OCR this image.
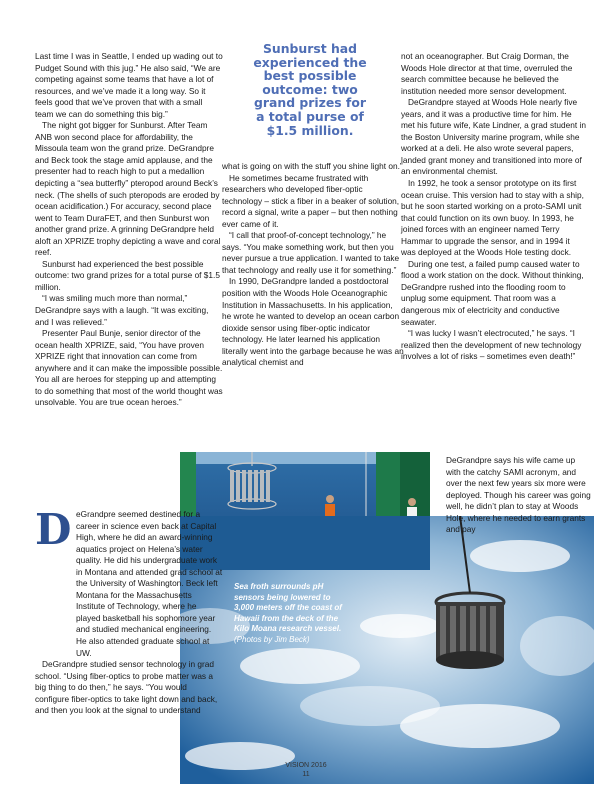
Last time I was in Seattle, I ended up wading out to Pudget Sound with this jug.” He also said, “We are competing against some teams that have a lot of resources, and we’ve made it a long way. So it feels good that we’ve proven that with a small team we can do something this big.”

The night got bigger for Sunburst. After Team ANB won second place for affordability, the Missoula team won the grand prize. DeGrandpre and Beck took the stage amid applause, and the presenter had to reach high to put a medallion depicting a “sea butterfly” pteropod around Beck’s neck. (The shells of such pteropods are eroded by ocean acidification.) For accuracy, second place went to Team DuraFET, and then Sunburst won another grand prize. A grinning DeGrandpre held aloft an XPRIZE trophy depicting a wave and coral reef.

Sunburst had experienced the best possible outcome: two grand prizes for a total purse of $1.5 million.

“I was smiling much more than normal,” DeGrandpre says with a laugh. “It was exciting, and I was relieved.”

Presenter Paul Bunje, senior director of the ocean health XPRIZE, said, “You have proven XPRIZE right that innovation can come from anywhere and it can make the impossible possible. You all are heroes for stepping up and attempting to do something that most of the world thought was unsolvable. You are true ocean heroes.”

Sunburst had
experienced the
best possible
outcome: two
grand prizes for
a total purse of
$1.5 million.

what is going on with the stuff you shine light on.”

He sometimes became frustrated with researchers who developed fiber-optic technology – stick a fiber in a beaker of solution, record a signal, write a paper – but then nothing ever came of it.

“I call that proof-of-concept technology,” he says. “You make something work, but then you never pursue a true application. I wanted to take that technology and really use it for something.”

In 1990, DeGrandpre landed a postdoctoral position with the Woods Hole Oceanographic Institution in Massachusetts. In his application, he wrote he wanted to develop an ocean carbon dioxide sensor using fiber-optic indicator technology. He later learned his application literally went into the garbage because he was an analytical chemist and

not an oceanographer. But Craig Dorman, the Woods Hole director at that time, overruled the search committee because he believed the institution needed more sensor development.

DeGrandpre stayed at Woods Hole nearly five years, and it was a productive time for him. He met his future wife, Kate Lindner, a grad student in the Boston University marine program, while she worked at a deli. He also wrote several papers, landed grant money and transitioned into more of an environmental chemist.

In 1992, he took a sensor prototype on its first ocean cruise. This version had to stay with a ship, but he soon started working on a proto-SAMI unit that could function on its own buoy. In 1993, he joined forces with an engineer named Terry Hammar to upgrade the sensor, and in 1994 it was deployed at the Woods Hole testing dock.

During one test, a failed pump caused water to flood a work station on the dock. Without thinking, DeGrandpre rushed into the flooding room to unplug some equipment. That room was a dangerous mix of electricity and conductive seawater.

“I was lucky I wasn’t electrocuted,” he says. “I realized then the development of new technology involves a lot of risks – sometimes even death!”

DeGrandpre says his wife came up with the catchy SAMI acronym, and over the next few years six more were deployed. Though his career was going well, he didn’t plan to stay at Woods Hole, where he needed to earn grants and pay

Sea froth surrounds pH
sensors being lowered to
3,000 meters off the coast of
Hawaii from the deck of the
Kilo Moana research vessel.
(Photos by Jim Beck)
D eGrandpre seemed destined for a career in science even back at Capital High, where he did an award-winning aquatics project on Helena’s water quality. He did his undergraduate work in Montana and attended grad school at the University of Washington. Beck left Montana for the Massachusetts Institute of Technology, where he played basketball his sophomore year and studied mechanical engineering. He also attended graduate school at UW.

DeGrandpre studied sensor technology in grad school. “Using fiber-optics to probe matter was a big thing to do then,” he says. “You would configure fiber-optics to take light down and back, and then you look at the signal to understand

VISION 2016
11
